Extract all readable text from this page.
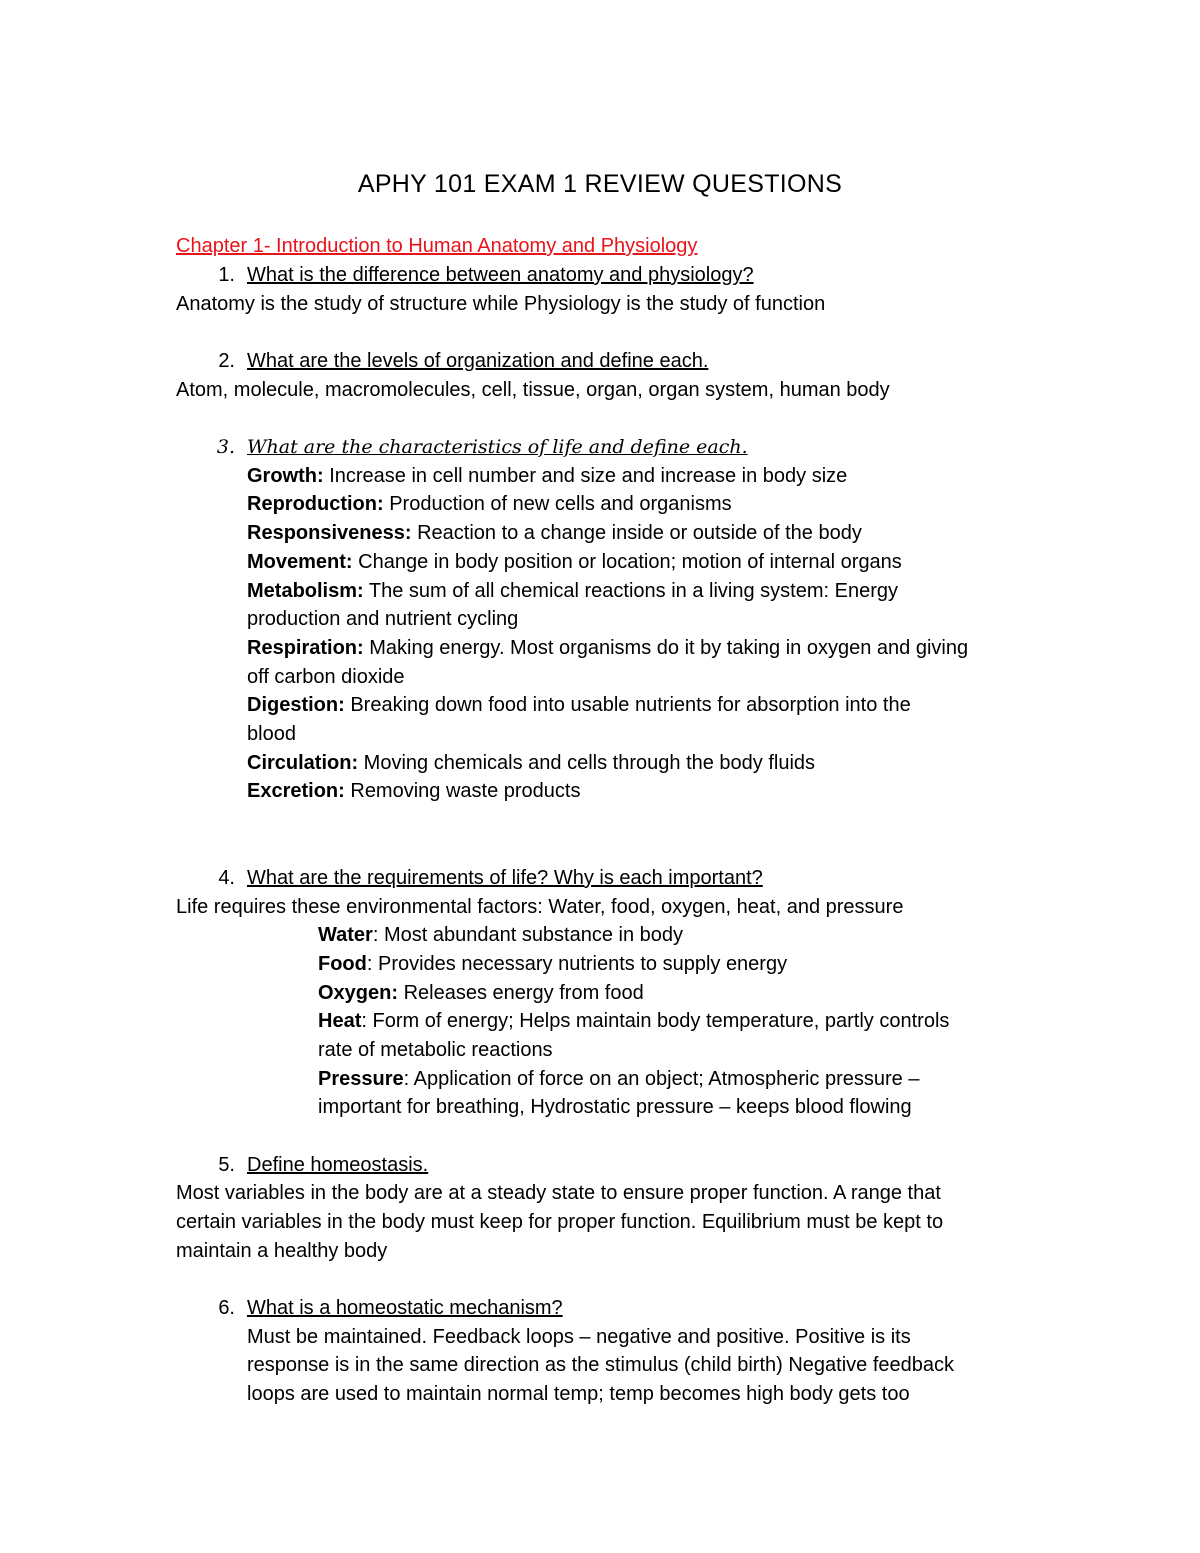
APHY 101 EXAM 1 REVIEW QUESTIONS
Chapter 1- Introduction to Human Anatomy and Physiology
1. What is the difference between anatomy and physiology?
Anatomy is the study of structure while Physiology is the study of function
2. What are the levels of organization and define each.
Atom, molecule, macromolecules, cell, tissue, organ, organ system, human body
3. What are the characteristics of life and define each.
Growth: Increase in cell number and size and increase in body size
Reproduction: Production of new cells and organisms
Responsiveness: Reaction to a change inside or outside of the body
Movement: Change in body position or location; motion of internal organs
Metabolism: The sum of all chemical reactions in a living system: Energy
production and nutrient cycling
Respiration: Making energy. Most organisms do it by taking in oxygen and giving
off carbon dioxide
Digestion: Breaking down food into usable nutrients for absorption into the
blood
Circulation: Moving chemicals and cells through the body fluids
Excretion: Removing waste products
4. What are the requirements of life? Why is each important?
Life requires these environmental factors: Water, food, oxygen, heat, and pressure
Water: Most abundant substance in body
Food: Provides necessary nutrients to supply energy
Oxygen: Releases energy from food
Heat: Form of energy; Helps maintain body temperature, partly controls
rate of metabolic reactions
Pressure: Application of force on an object; Atmospheric pressure –
important for breathing, Hydrostatic pressure – keeps blood flowing
5. Define homeostasis.
Most variables in the body are at a steady state to ensure proper function. A range that
certain variables in the body must keep for proper function. Equilibrium must be kept to
maintain a healthy body
6. What is a homeostatic mechanism?
Must be maintained. Feedback loops – negative and positive. Positive is its
response is in the same direction as the stimulus (child birth) Negative feedback
loops are used to maintain normal temp; temp becomes high body gets too
